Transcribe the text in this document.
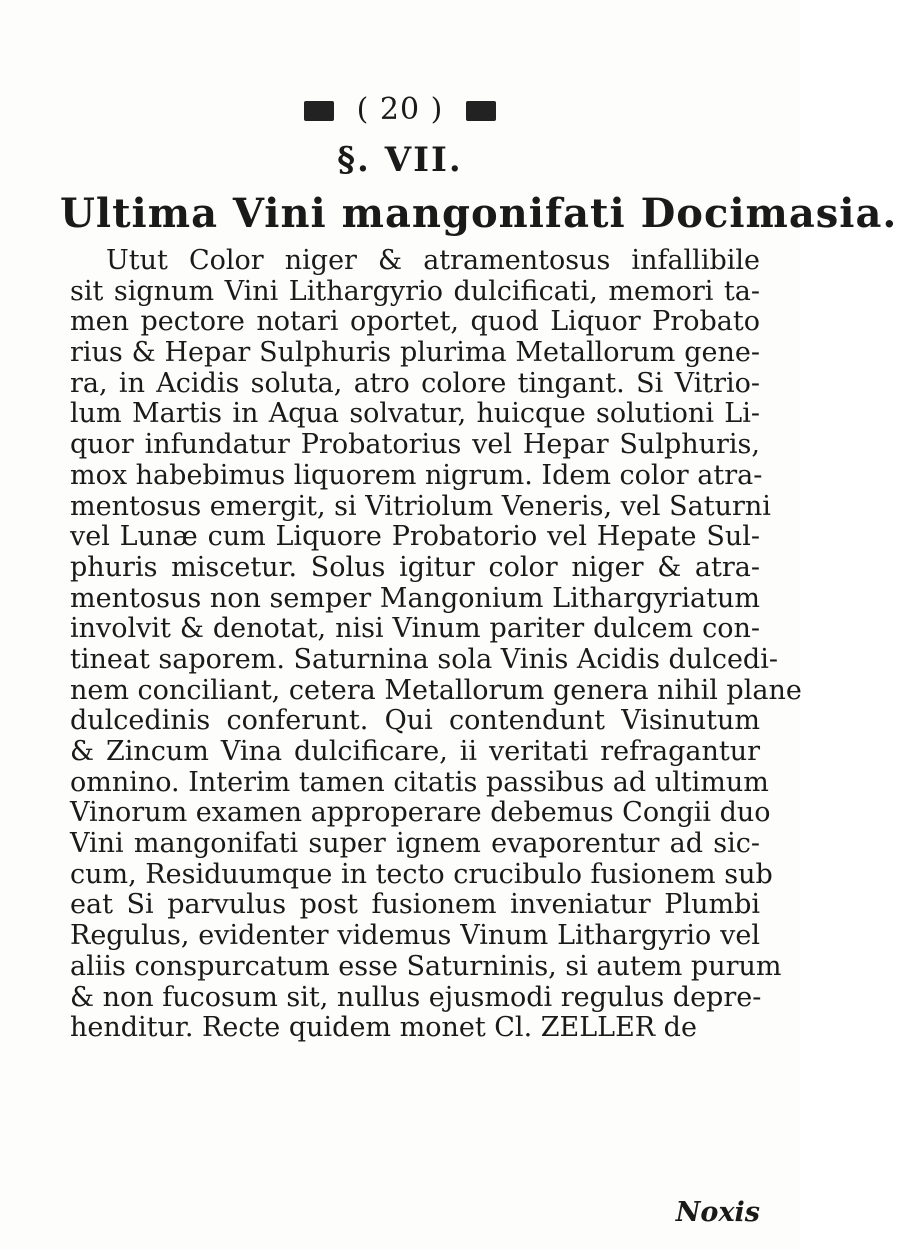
( 20 )
§. VII.
Ultima Vini mangonifati Docimasia.
Utut Color niger & atramentosus infallibile
sit signum Vini Lithargyrio dulcificati, memori ta-
men pectore notari oportet, quod Liquor Probato
rius & Hepar Sulphuris plurima Metallorum gene-
ra, in Acidis soluta, atro colore tingant. Si Vitrio-
lum Martis in Aqua solvatur, huicque solutioni Li-
quor infundatur Probatorius vel Hepar Sulphuris,
mox habebimus liquorem nigrum. Idem color atra-
mentosus emergit, si Vitriolum Veneris, vel Saturni
vel Lunæ cum Liquore Probatorio vel Hepate Sul-
phuris miscetur. Solus igitur color niger & atra-
mentosus non semper Mangonium Lithargyriatum
involvit & denotat, nisi Vinum pariter dulcem con-
tineat saporem. Saturnina sola Vinis Acidis dulcedi-
nem conciliant, cetera Metallorum genera nihil plane
dulcedinis conferunt. Qui contendunt Visinutum
& Zincum Vina dulcificare, ii veritati refragantur
omnino. Interim tamen citatis passibus ad ultimum
Vinorum examen approperare debemus Congii duo
Vini mangonifati super ignem evaporentur ad sic-
cum, Residuumque in tecto crucibulo fusionem sub
eat Si parvulus post fusionem inveniatur Plumbi
Regulus, evidenter videmus Vinum Lithargyrio vel
aliis conspurcatum esse Saturninis, si autem purum
& non fucosum sit, nullus ejusmodi regulus depre-
henditur. Recte quidem monet Cl. ZELLER de
Noxis
